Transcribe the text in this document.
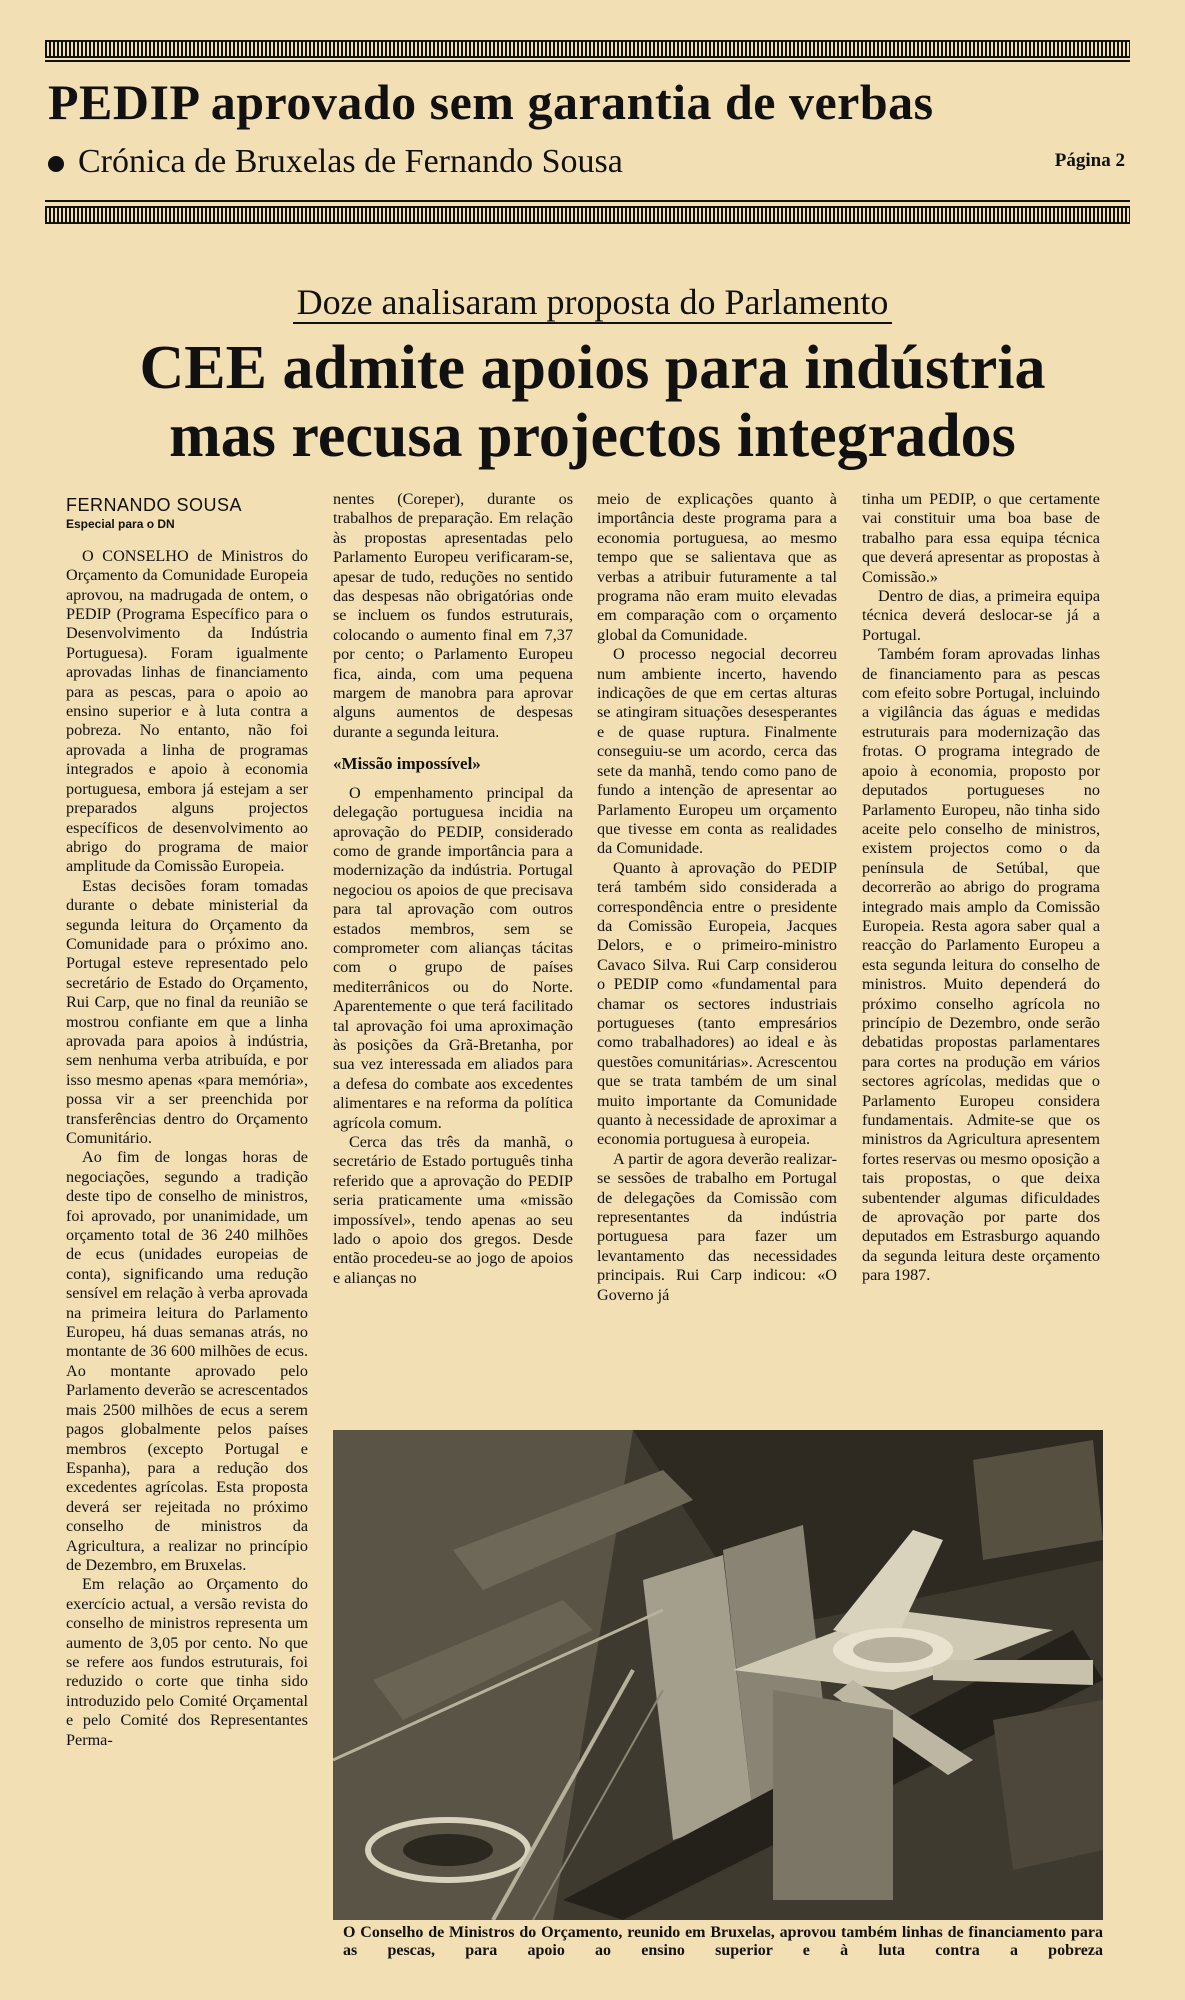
PEDIP aprovado sem garantia de verbas
Crónica de Bruxelas de Fernando Sousa	Página 2
Doze analisaram proposta do Parlamento
CEE admite apoios para indústria
mas recusa projectos integrados
FERNANDO SOUSA
Especial para o DN

O CONSELHO de Ministros do Orçamento da Comunidade Europeia aprovou, na madrugada de ontem, o PEDIP (Programa Específico para o Desenvolvimento da Indústria Portuguesa). Foram igualmente aprovadas linhas de financiamento para as pescas, para o apoio ao ensino superior e à luta contra a pobreza. No entanto, não foi aprovada a linha de programas integrados e apoio à economia portuguesa, embora já estejam a ser preparados alguns projectos específicos de desenvolvimento ao abrigo do programa de maior amplitude da Comissão Europeia.

Estas decisões foram tomadas durante o debate ministerial da segunda leitura do Orçamento da Comunidade para o próximo ano. Portugal esteve representado pelo secretário de Estado do Orçamento, Rui Carp, que no final da reunião se mostrou confiante em que a linha aprovada para apoios à indústria, sem nenhuma verba atribuída, e por isso mesmo apenas «para memória», possa vir a ser preenchida por transferências dentro do Orçamento Comunitário.

Ao fim de longas horas de negociações, segundo a tradição deste tipo de conselho de ministros, foi aprovado, por unanimidade, um orçamento total de 36 240 milhões de ecus (unidades europeias de conta), significando uma redução sensível em relação à verba aprovada na primeira leitura do Parlamento Europeu, há duas semanas atrás, no montante de 36 600 milhões de ecus. Ao montante aprovado pelo Parlamento deverão se acrescentados mais 2500 milhões de ecus a serem pagos globalmente pelos países membros (excepto Portugal e Espanha), para a redução dos excedentes agrícolas. Esta proposta deverá ser rejeitada no próximo conselho de ministros da Agricultura, a realizar no princípio de Dezembro, em Bruxelas.

Em relação ao Orçamento do exercício actual, a versão revista do conselho de ministros representa um aumento de 3,05 por cento. No que se refere aos fundos estruturais, foi reduzido o corte que tinha sido introduzido pelo Comité Orçamental e pelo Comité dos Representantes Perma-

nentes (Coreper), durante os trabalhos de preparação. Em relação às propostas apresentadas pelo Parlamento Europeu verificaram-se, apesar de tudo, reduções no sentido das despesas não obrigatórias onde se incluem os fundos estruturais, colocando o aumento final em 7,37 por cento; o Parlamento Europeu fica, ainda, com uma pequena margem de manobra para aprovar alguns aumentos de despesas durante a segunda leitura.

«Missão impossível»

O empenhamento principal da delegação portuguesa incidia na aprovação do PEDIP, considerado como de grande importância para a modernização da indústria. Portugal negociou os apoios de que precisava para tal aprovação com outros estados membros, sem se comprometer com alianças tácitas com o grupo de países mediterrânicos ou do Norte. Aparentemente o que terá facilitado tal aprovação foi uma aproximação às posições da Grã-Bretanha, por sua vez interessada em aliados para a defesa do combate aos excedentes alimentares e na reforma da política agrícola comum.

Cerca das três da manhã, o secretário de Estado português tinha referido que a aprovação do PEDIP seria praticamente uma «missão impossível», tendo apenas ao seu lado o apoio dos gregos. Desde então procedeu-se ao jogo de apoios e alianças no

meio de explicações quanto à importância deste programa para a economia portuguesa, ao mesmo tempo que se salientava que as verbas a atribuir futuramente a tal programa não eram muito elevadas em comparação com o orçamento global da Comunidade.

O processo negocial decorreu num ambiente incerto, havendo indicações de que em certas alturas se atingiram situações desesperantes e de quase ruptura. Finalmente conseguiu-se um acordo, cerca das sete da manhã, tendo como pano de fundo a intenção de apresentar ao Parlamento Europeu um orçamento que tivesse em conta as realidades da Comunidade.

Quanto à aprovação do PEDIP terá também sido considerada a correspondência entre o presidente da Comissão Europeia, Jacques Delors, e o primeiro-ministro Cavaco Silva. Rui Carp considerou o PEDIP como «fundamental para chamar os sectores industriais portugueses (tanto empresários como trabalhadores) ao ideal e às questões comunitárias». Acrescentou que se trata também de um sinal muito importante da Comunidade quanto à necessidade de aproximar a economia portuguesa à europeia.

A partir de agora deverão realizar-se sessões de trabalho em Portugal de delegações da Comissão com representantes da indústria portuguesa para fazer um levantamento das necessidades principais. Rui Carp indicou: «O Governo já

tinha um PEDIP, o que certamente vai constituir uma boa base de trabalho para essa equipa técnica que deverá apresentar as propostas à Comissão.»

Dentro de dias, a primeira equipa técnica deverá deslocar-se já a Portugal.

Também foram aprovadas linhas de financiamento para as pescas com efeito sobre Portugal, incluindo a vigilância das águas e medidas estruturais para modernização das frotas. O programa integrado de apoio à economia, proposto por deputados portugueses no Parlamento Europeu, não tinha sido aceite pelo conselho de ministros, existem projectos como o da península de Setúbal, que decorrerão ao abrigo do programa integrado mais amplo da Comissão Europeia. Resta agora saber qual a reacção do Parlamento Europeu a esta segunda leitura do conselho de ministros. Muito dependerá do próximo conselho agrícola no princípio de Dezembro, onde serão debatidas propostas parlamentares para cortes na produção em vários sectores agrícolas, medidas que o Parlamento Europeu considera fundamentais. Admite-se que os ministros da Agricultura apresentem fortes reservas ou mesmo oposição a tais propostas, o que deixa subentender algumas dificuldades de aprovação por parte dos deputados em Estrasburgo aquando da segunda leitura deste orçamento para 1987.

O Conselho de Ministros do Orçamento, reunido em Bruxelas, aprovou também linhas de financiamento para as pescas, para apoio ao ensino superior e à luta contra a pobreza
